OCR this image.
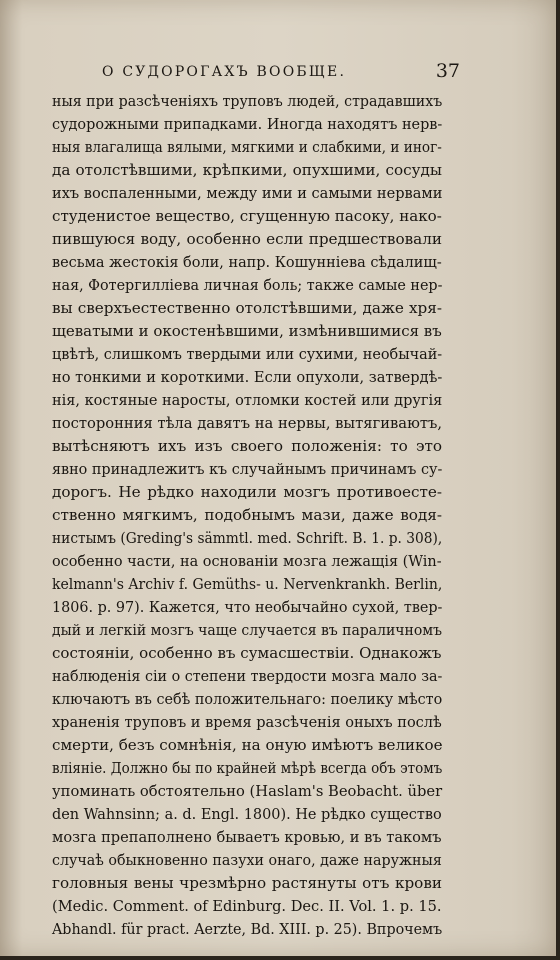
О СУДОРОГАХЪ ВООБЩЕ.	37
ныя при разсѣченіяхъ труповъ людей, страдавшихъ
судорожными припадками. Иногда находятъ нерв-
ныя влагалища вялыми, мягкими и слабкими, и иног-
да отолстѣвшими, крѣпкими, опухшими, сосуды
ихъ воспаленными, между ими и самыми нервами
студенистое вещество, сгущенную пасоку, нако-
пившуюся воду, особенно если предшествовали
весьма жестокія боли, напр. Кошунніева сѣдалищ-
ная, Фотергилліева личная боль; также самые нер-
вы сверхъестественно отолстѣвшими, даже хря-
щеватыми и окостенѣвшими, измѣнившимися въ
цвѣтѣ, слишкомъ твердыми или сухими, необычай-
но тонкими и короткими. Если опухоли, затвердѣ-
нія, костяные наросты, отломки костей или другія
посторонния тѣла давятъ на нервы, вытягиваютъ,
вытѣсняютъ ихъ изъ своего положенія: то это
явно принадлежитъ къ случайнымъ причинамъ су-
дорогъ. Не рѣдко находили мозгъ противоесте-
ственно мягкимъ, подобнымъ мази, даже водя-
нистымъ (Greding's sämmtl. med. Schrift. B. 1. p. 308),
особенно части, на основаніи мозга лежащія (Win-
kelmann's Archiv f. Gemüths- u. Nervenkrankh. Berlin,
1806. p. 97). Кажется, что необычайно сухой, твер-
дый и легкій мозгъ чаще случается въ параличномъ
состояніи, особенно въ сумасшествіи. Однакожъ
наблюденія сіи о степени твердости мозга мало за-
ключаютъ въ себѣ положительнаго: поелику мѣсто
храненія труповъ и время разсѣченія оныхъ послѣ
смерти, безъ сомнѣнія, на оную имѣютъ великое
вліяніе. Должно бы по крайней мѣрѣ всегда объ этомъ
упоминать обстоятельно (Haslam's Beobacht. über
den Wahnsinn; a. d. Engl. 1800). Не рѣдко существо
мозга препаполнено бываетъ кровью, и въ такомъ
случаѣ обыкновенно пазухи онаго, даже наружныя
головныя вены чрезмѣрно растянуты отъ крови
(Medic. Comment. of Edinburg. Dec. II. Vol. 1. p. 15.
Abhandl. für pract. Aerzte, Bd. XIII. p. 25). Впрочемъ
